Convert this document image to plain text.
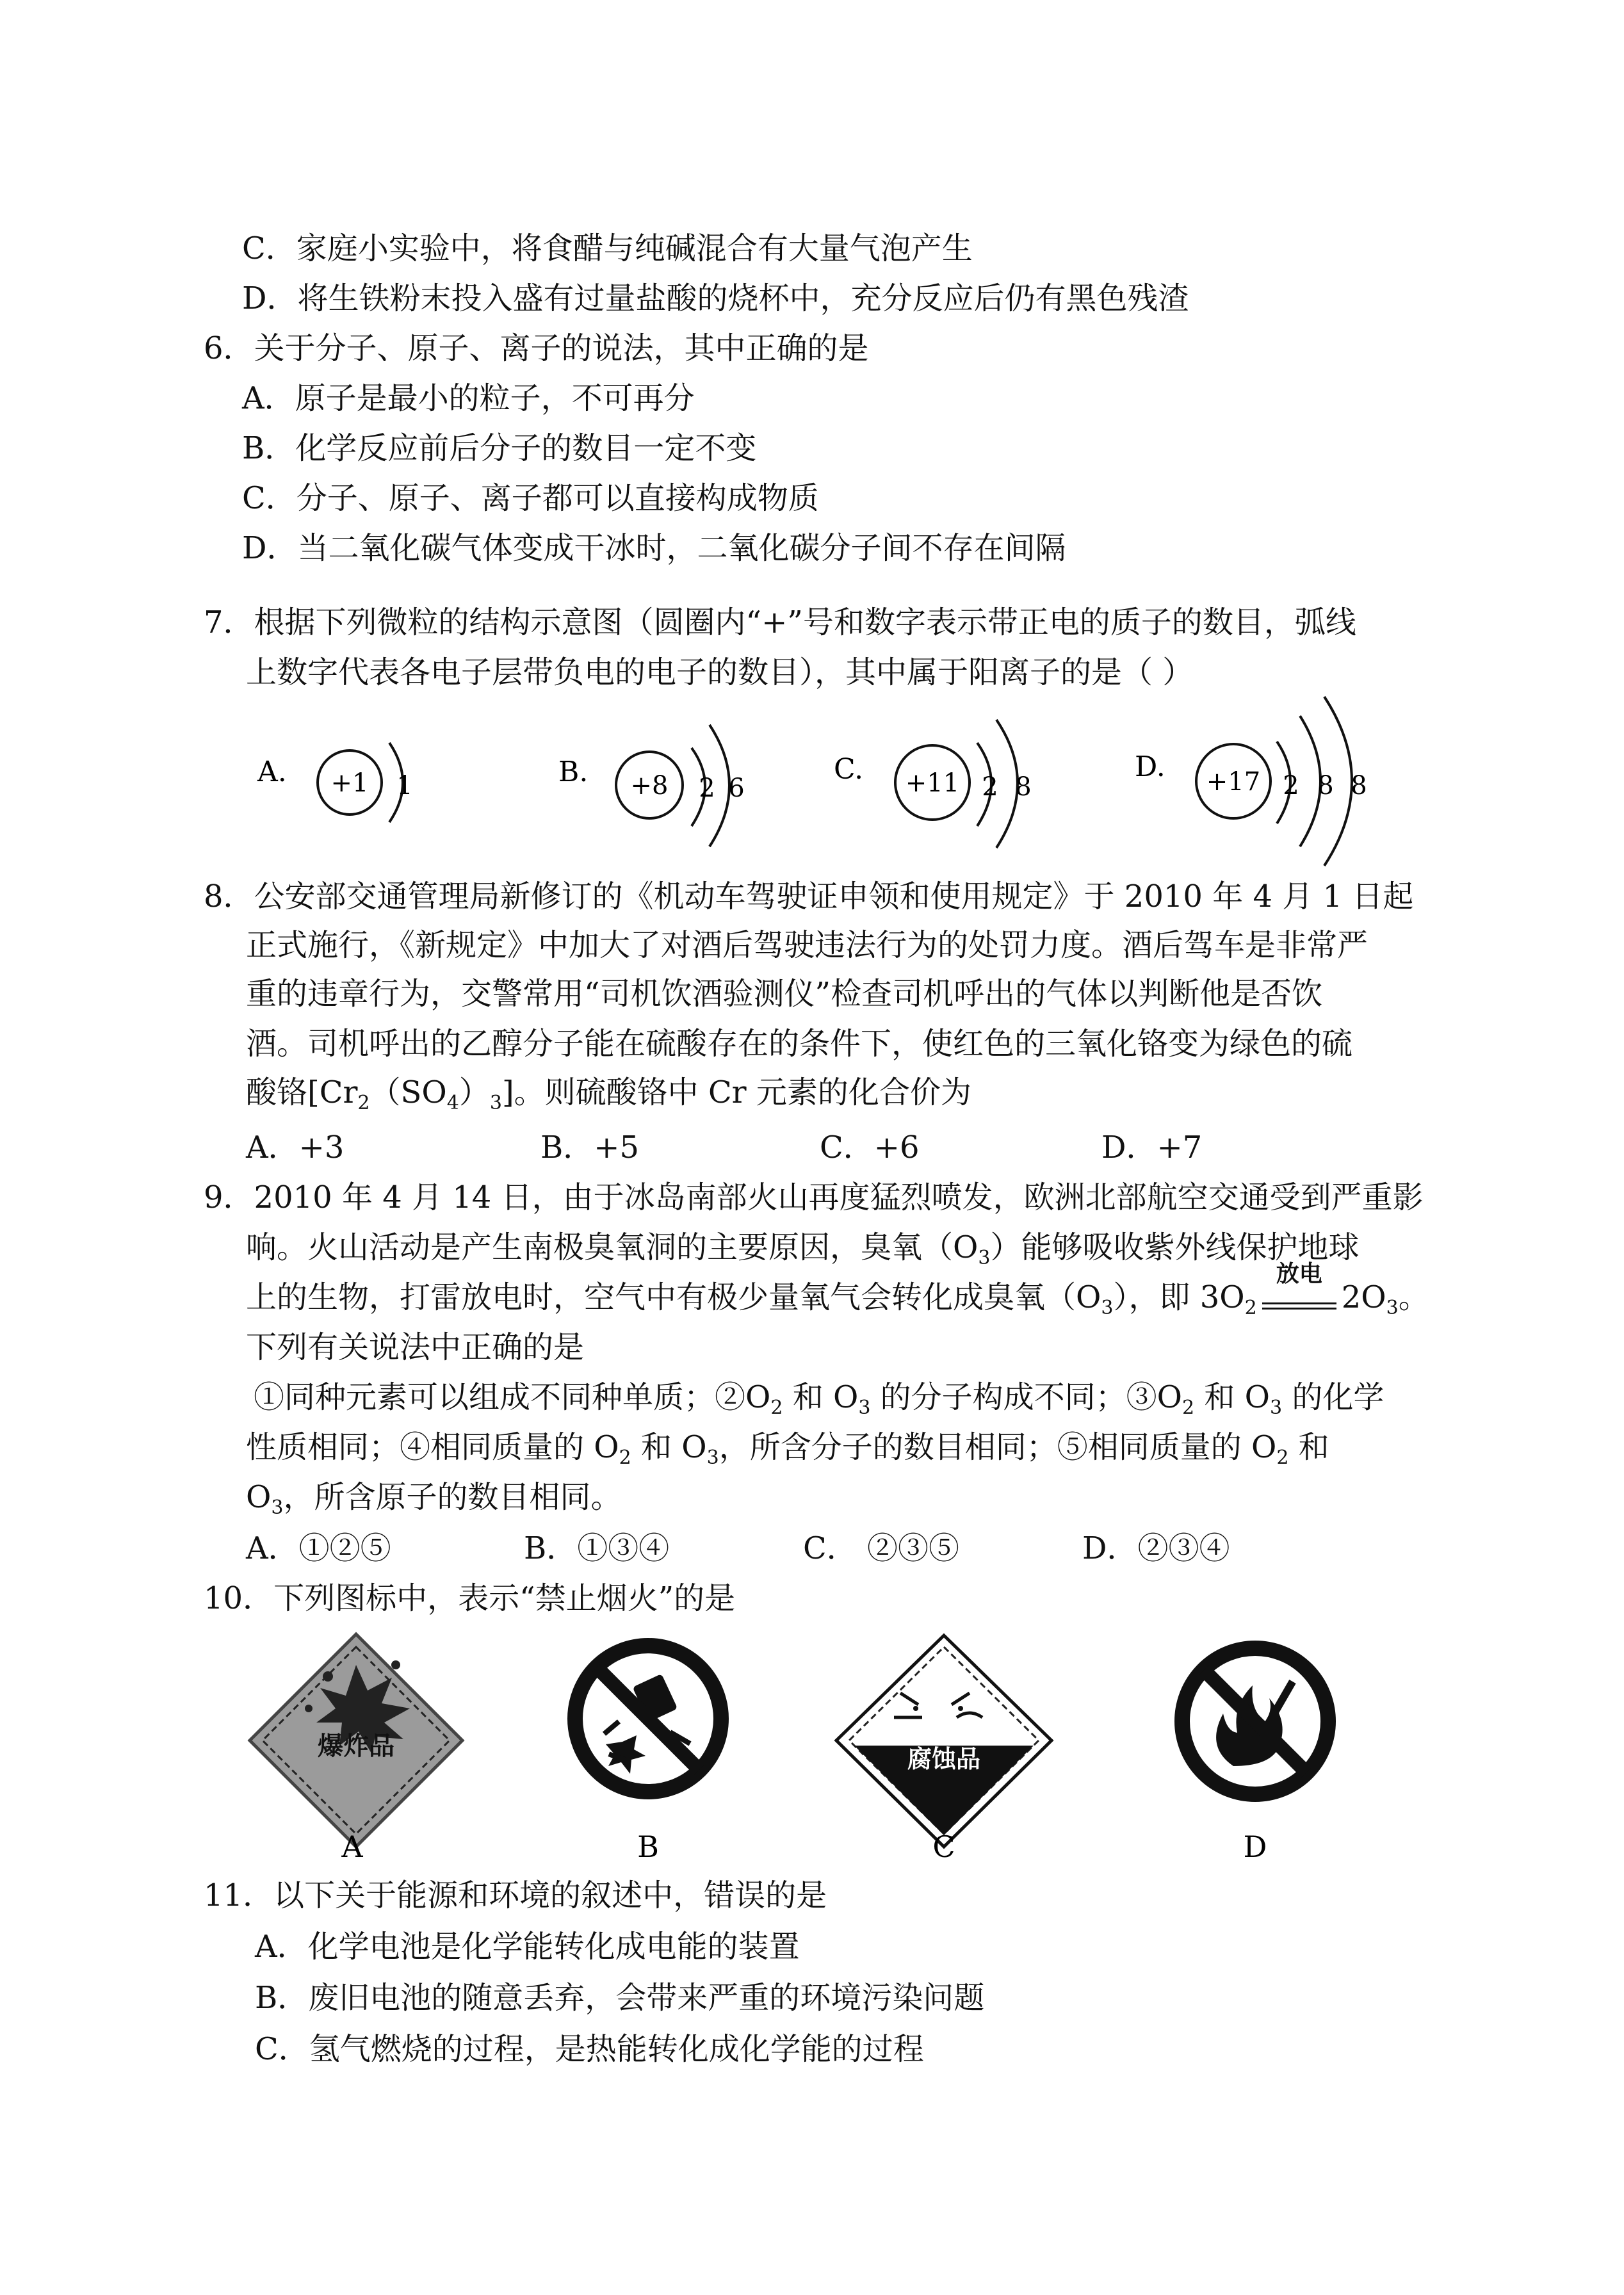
C．家庭小实验中，将食醋与纯碱混合有大量气泡产生
D．将生铁粉末投入盛有过量盐酸的烧杯中，充分反应后仍有黑色残渣
6．关于分子、原子、离子的说法，其中正确的是
A．原子是最小的粒子，不可再分
B．化学反应前后分子的数目一定不变
C．分子、原子、离子都可以直接构成物质
D．当二氧化碳气体变成干冰时，二氧化碳分子间不存在间隔
7．根据下列微粒的结构示意图（圆圈内“+”号和数字表示带正电的质子的数目，弧线
上数字代表各电子层带负电的电子的数目），其中属于阳离子的是（ ）
A. +1 1	B. +8 2 6
C. +11 2 8
D. +17 2 8 8
8．公安部交通管理局新修订的《机动车驾驶证申领和使用规定》于 2010 年 4 月 1 日起
正式施行，《新规定》中加大了对酒后驾驶违法行为的处罚力度。酒后驾车是非常严
重的违章行为，交警常用“司机饮酒验测仪”检查司机呼出的气体以判断他是否饮
酒。司机呼出的乙醇分子能在硫酸存在的条件下，使红色的三氧化铬变为绿色的硫
酸铬$[Cr_2(SO_4)_3]$。则硫酸铬中 Cr 元素的化合价为
A．+3	B．+5	C．+6	D．+7
9．2010 年 4 月 14 日，由于冰岛南部火山再度猛烈喷发，欧洲北部航空交通受到严重影
响。火山活动是产生南极臭氧洞的主要原因，臭氧$(O_3)$能够吸收紫外线保护地球
上的生物，打雷放电时，空气中有极少量氧气会转化成臭氧$(O_3)$，即 $3O_2$
放电
$2O_3$。
下列有关说法中正确的是
①同种元素可以组成不同种单质；$②O_2$ 和 $O_3$ 的分子构成不同；$③O_2$ 和 $O_3$ 的化学
性质相同；④相同质量的 $O_2$ 和 $O_3$，所含分子的数目相同；⑤相同质量的 $O_2$ 和
$O_3$，所含原子的数目相同。
A．①②⑤	B．①③④	C． ②③⑤	D．②③④
10．下列图标中，表示“禁止烟火”的是
爆炸品	腐蚀品
A	B	C	D
11．以下关于能源和环境的叙述中，错误的是
A．化学电池是化学能转化成电能的装置
B．废旧电池的随意丢弃，会带来严重的环境污染问题
C．氢气燃烧的过程，是热能转化成化学能的过程
